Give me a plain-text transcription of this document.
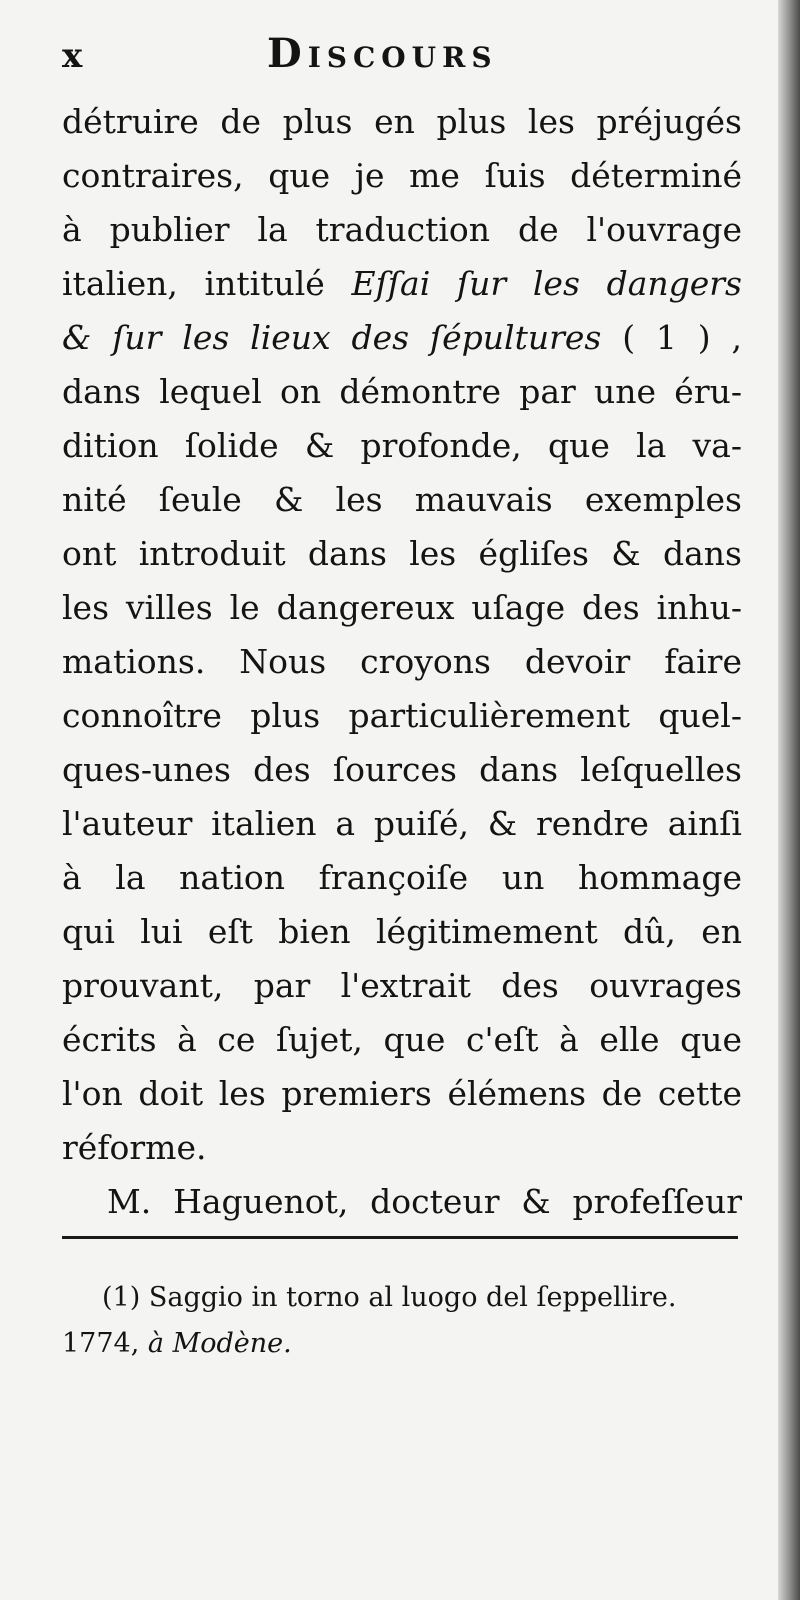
x	Discours
détruire de plus en plus les préjugés
contraires, que je me ſuis déterminé
à publier la traduction de l'ouvrage
italien, intitulé Eſſai ſur les dangers
& ſur les lieux des ſépultures ( 1 ) ,
dans lequel on démontre par une éru-
dition ſolide & profonde, que la va-
nité ſeule & les mauvais exemples
ont introduit dans les égliſes & dans
les villes le dangereux uſage des inhu-
mations. Nous croyons devoir faire
connoître plus particulièrement quel-
ques-unes des ſources dans leſquelles
l'auteur italien a puiſé, & rendre ainſi
à la nation françoiſe un hommage
qui lui eſt bien légitimement dû, en
prouvant, par l'extrait des ouvrages
écrits à ce ſujet, que c'eſt à elle que
l'on doit les premiers élémens de cette
réforme.
M. Haguenot, docteur & profeſſeur
(1) Saggio in torno al luogo del ſeppellire.
1774, à Modène.
